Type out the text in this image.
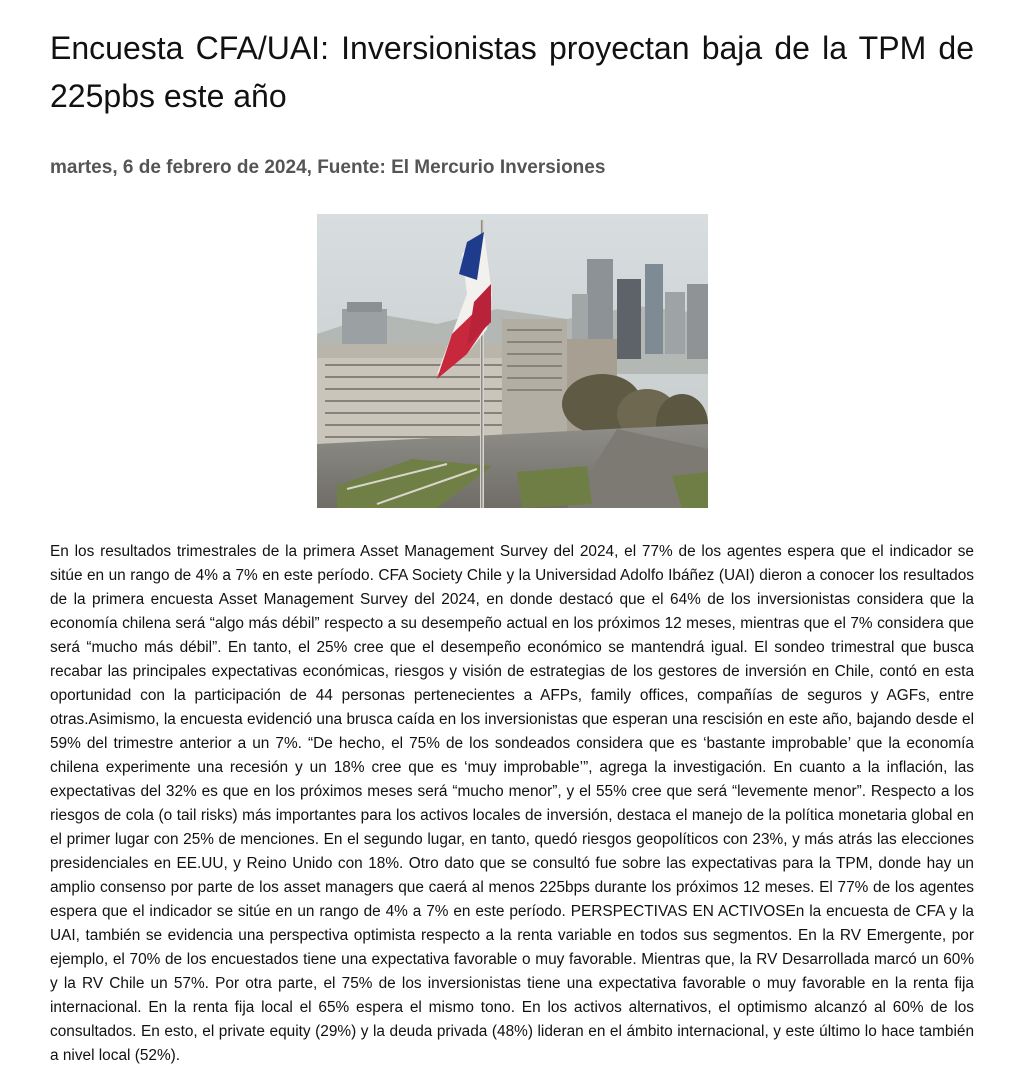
Encuesta CFA/UAI: Inversionistas proyectan baja de la TPM de 225pbs este año
martes, 6 de febrero de 2024, Fuente: El Mercurio Inversiones

En los resultados trimestrales de la primera Asset Management Survey del 2024, el 77% de los agentes espera que el indicador se sitúe en un rango de 4% a 7% en este período. CFA Society Chile y la Universidad Adolfo Ibáñez (UAI) dieron a conocer los resultados de la primera encuesta Asset Management Survey del 2024, en donde destacó que el 64% de los inversionistas considera que la economía chilena será “algo más débil” respecto a su desempeño actual en los próximos 12 meses, mientras que el 7% considera que será “mucho más débil”. En tanto, el 25% cree que el desempeño económico se mantendrá igual. El sondeo trimestral que busca recabar las principales expectativas económicas, riesgos y visión de estrategias de los gestores de inversión en Chile, contó en esta oportunidad con la participación de 44 personas pertenecientes a AFPs, family offices, compañías de seguros y AGFs, entre otras.Asimismo, la encuesta evidenció una brusca caída en los inversionistas que esperan una rescisión en este año, bajando desde el 59% del trimestre anterior a un 7%. “De hecho, el 75% de los sondeados considera que es ‘bastante improbable’ que la economía chilena experimente una recesión y un 18% cree que es ‘muy improbable’”, agrega la investigación. En cuanto a la inflación, las expectativas del 32% es que en los próximos meses será “mucho menor”, y el 55% cree que será “levemente menor”. Respecto a los riesgos de cola (o tail risks) más importantes para los activos locales de inversión, destaca el manejo de la política monetaria global en el primer lugar con 25% de menciones. En el segundo lugar, en tanto, quedó riesgos geopolíticos con 23%, y más atrás las elecciones presidenciales en EE.UU, y Reino Unido con 18%. Otro dato que se consultó fue sobre las expectativas para la TPM, donde hay un amplio consenso por parte de los asset managers que caerá al menos 225bps durante los próximos 12 meses. El 77% de los agentes espera que el indicador se sitúe en un rango de 4% a 7% en este período. PERSPECTIVAS EN ACTIVOSEn la encuesta de CFA y la UAI, también se evidencia una perspectiva optimista respecto a la renta variable en todos sus segmentos. En la RV Emergente, por ejemplo, el 70% de los encuestados tiene una expectativa favorable o muy favorable. Mientras que, la RV Desarrollada marcó un 60% y la RV Chile un 57%. Por otra parte, el 75% de los inversionistas tiene una expectativa favorable o muy favorable en la renta fija internacional. En la renta fija local el 65% espera el mismo tono. En los activos alternativos, el optimismo alcanzó al 60% de los consultados. En esto, el private equity (29%) y la deuda privada (48%) lideran en el ámbito internacional, y este último lo hace también a nivel local (52%).
